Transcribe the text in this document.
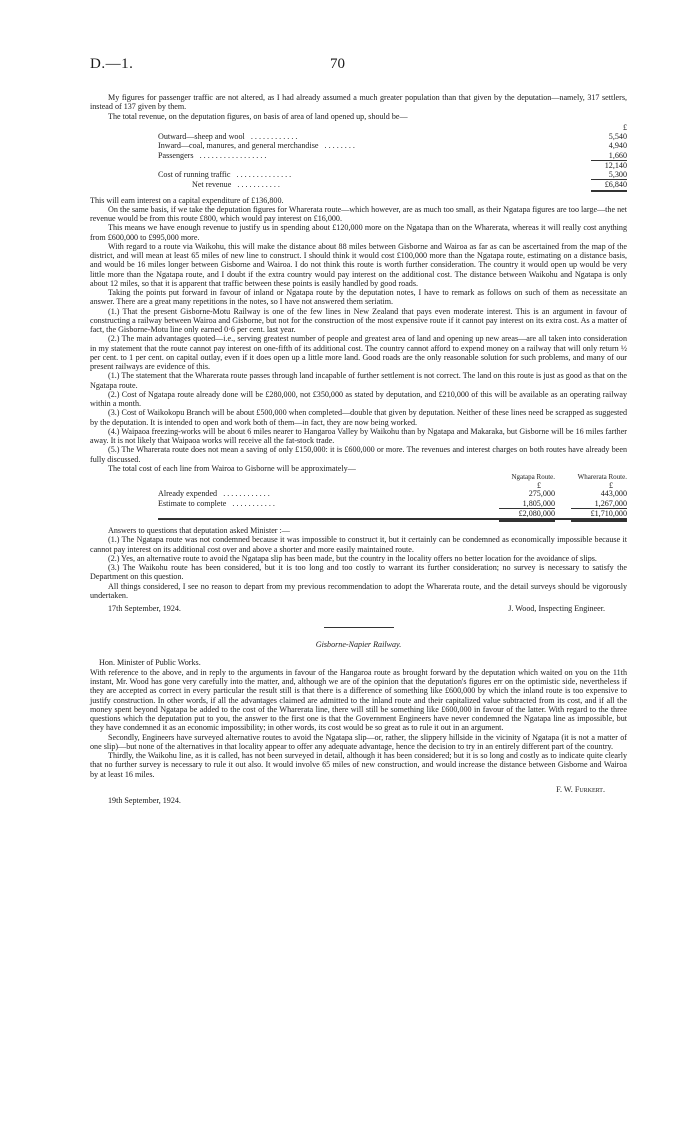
D.—1.	70

My figures for passenger traffic are not altered, as I had already assumed a much greater population than that given by the deputation—namely, 317 settlers, instead of 137 given by them.

The total revenue, on the deputation figures, on basis of area of land opened up, should be—

£
Outward—sheep and wool . . . . . . . . . . . .	5,540
Inward—coal, manures, and general merchandise . . . . . . . .	4,940
Passengers . . . . . . . . . . . . . . . . .	1,660
12,140
Cost of running traffic . . . . . . . . . . . . . .	5,300
Net revenue . . . . . . . . . . .	£6,840

This will earn interest on a capital expenditure of £136,800.

On the same basis, if we take the deputation figures for Wharerata route—which however, are as much too small, as their Ngatapa figures are too large—the net revenue would be from this route £800, which would pay interest on £16,000.

This means we have enough revenue to justify us in spending about £120,000 more on the Ngatapa than on the Wharerata, whereas it will really cost anything from £600,000 to £995,000 more.

With regard to a route via Waikohu, this will make the distance about 88 miles between Gisborne and Wairoa as far as can be ascertained from the map of the district, and will mean at least 65 miles of new line to construct. I should think it would cost £100,000 more than the Ngatapa route, estimating on a distance basis, and would be 16 miles longer between Gisborne and Wairoa. I do not think this route is worth further consideration. The country it would open up would be very little more than the Ngatapa route, and I doubt if the extra country would pay interest on the additional cost. The distance between Waikohu and Ngatapa is only about 12 miles, so that it is apparent that traffic between these points is easily handled by good roads.

Taking the points put forward in favour of inland or Ngatapa route by the deputation notes, I have to remark as follows on such of them as necessitate an answer. There are a great many repetitions in the notes, so I have not answered them seriatim.

(1.) That the present Gisborne-Motu Railway is one of the few lines in New Zealand that pays even moderate interest. This is an argument in favour of constructing a railway between Wairoa and Gisborne, but not for the construction of the most expensive route if it cannot pay interest on its extra cost. As a matter of fact, the Gisborne-Motu line only earned 0·6 per cent. last year.

(2.) The main advantages quoted—i.e., serving greatest number of people and greatest area of land and opening up new areas—are all taken into consideration in my statement that the route cannot pay interest on one-fifth of its additional cost. The country cannot afford to expend money on a railway that will only return ½ per cent. to 1 per cent. on capital outlay, even if it does open up a little more land. Good roads are the only reasonable solution for such problems, and many of our present railways are evidence of this.

(1.) The statement that the Wharerata route passes through land incapable of further settlement is not correct. The land on this route is just as good as that on the Ngatapa route.

(2.) Cost of Ngatapa route already done will be £280,000, not £350,000 as stated by deputation, and £210,000 of this will be available as an operating railway within a month.

(3.) Cost of Waikokopu Branch will be about £500,000 when completed—double that given by deputation. Neither of these lines need be scrapped as suggested by the deputation. It is intended to open and work both of them—in fact, they are now being worked.

(4.) Waipaoa freezing-works will be about 6 miles nearer to Hangaroa Valley by Waikohu than by Ngatapa and Makaraka, but Gisborne will be 16 miles farther away. It is not likely that Waipaoa works will receive all the fat-stock trade.

(5.) The Wharerata route does not mean a saving of only £150,000: it is £600,000 or more. The revenues and interest charges on both routes have already been fully discussed.

The total cost of each line from Wairoa to Gisborne will be approximately—

Ngatapa Route.	Wharerata Route.
£	£
Already expended . . . . . . . . . . . .	275,000	443,000
Estimate to complete . . . . . . . . . . .	1,805,000	1,267,000
£2,080,000	£1,710,000

Answers to questions that deputation asked Minister :—

(1.) The Ngatapa route was not condemned because it was impossible to construct it, but it certainly can be condemned as economically impossible because it cannot pay interest on its additional cost over and above a shorter and more easily maintained route.

(2.) Yes, an alternative route to avoid the Ngatapa slip has been made, but the country in the locality offers no better location for the avoidance of slips.

(3.) The Waikohu route has been considered, but it is too long and too costly to warrant its further consideration; no survey is necessary to satisfy the Department on this question.

All things considered, I see no reason to depart from my previous recommendation to adopt the Wharerata route, and the detail surveys should be vigorously undertaken.

17th September, 1924.	J. Wood, Inspecting Engineer.
Gisborne-Napier Railway.

Hon. Minister of Public Works.

With reference to the above, and in reply to the arguments in favour of the Hangaroa route as brought forward by the deputation which waited on you on the 11th instant, Mr. Wood has gone very carefully into the matter, and, although we are of the opinion that the deputation's figures err on the optimistic side, nevertheless if they are accepted as correct in every particular the result still is that there is a difference of something like £600,000 by which the inland route is too expensive to justify construction. In other words, if all the advantages claimed are admitted to the inland route and their capitalized value subtracted from its cost, and if all the money spent beyond Ngatapa be added to the cost of the Wharerata line, there will still be something like £600,000 in favour of the latter. With regard to the three questions which the deputation put to you, the answer to the first one is that the Government Engineers have never condemned the Ngatapa line as impossible, but they have condemned it as an economic impossibility; in other words, its cost would be so great as to rule it out in an argument.

Secondly, Engineers have surveyed alternative routes to avoid the Ngatapa slip—or, rather, the slippery hillside in the vicinity of Ngatapa (it is not a matter of one slip)—but none of the alternatives in that locality appear to offer any adequate advantage, hence the decision to try in an entirely different part of the country.

Thirdly, the Waikohu line, as it is called, has not been surveyed in detail, although it has been considered; but it is so long and costly as to indicate quite clearly that no further survey is necessary to rule it out also. It would involve 65 miles of new construction, and would increase the distance between Gisborne and Wairoa by at least 16 miles.

F. W. Furkert.
19th September, 1924.
